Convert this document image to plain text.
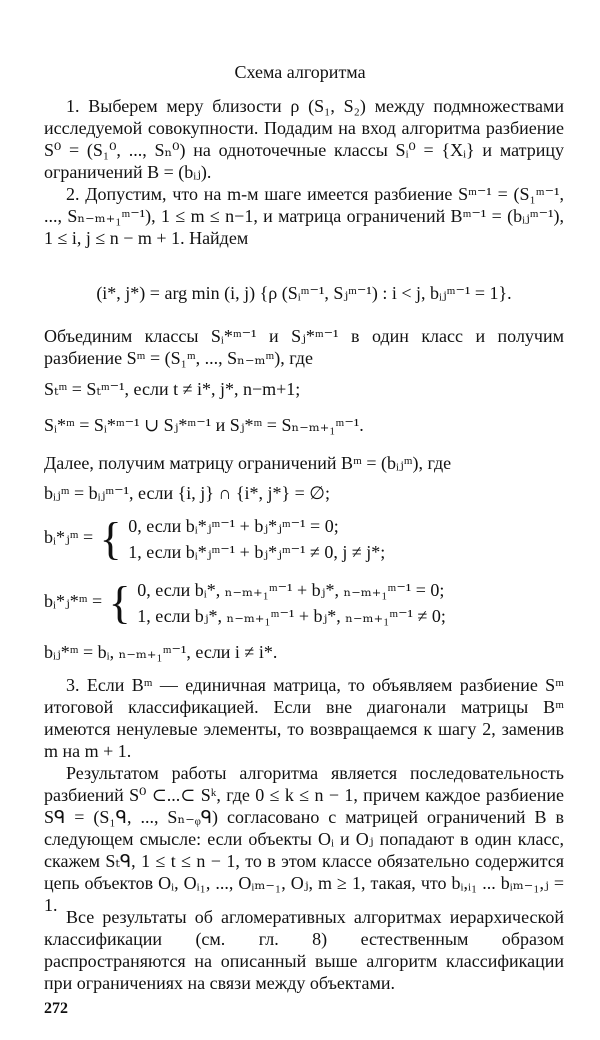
Схема алгоритма

1. Выберем меру близости ρ (S₁, S₂) между подмножествами исследуемой совокупности. Подадим на вход алгоритма разбиение S⁰ = (S₁⁰, ..., Sₙ⁰) на одноточечные классы Sᵢ⁰ = {Xᵢ} и матрицу ограничений B = (bᵢⱼ).

2. Допустим, что на m-м шаге имеется разбиение Sᵐ⁻¹ = (S₁ᵐ⁻¹, ..., Sₙ₋ₘ₊₁ᵐ⁻¹), 1 ≤ m ≤ n−1, и матрица ограничений Bᵐ⁻¹ = (bᵢⱼᵐ⁻¹), 1 ≤ i, j ≤ n − m + 1. Найдем

(i*, j*) = arg min (i, j) {ρ (Sᵢᵐ⁻¹, Sⱼᵐ⁻¹) : i < j, bᵢⱼᵐ⁻¹ = 1}.

Объединим классы Sᵢ*ᵐ⁻¹ и Sⱼ*ᵐ⁻¹ в один класс и получим разбиение Sᵐ = (S₁ᵐ, ..., Sₙ₋ₘᵐ), где

Sₜᵐ = Sₜᵐ⁻¹, если t ≠ i*, j*, n−m+1;
Sᵢ*ᵐ = Sᵢ*ᵐ⁻¹ ∪ Sⱼ*ᵐ⁻¹ и Sⱼ*ᵐ = Sₙ₋ₘ₊₁ᵐ⁻¹.

Далее, получим матрицу ограничений Bᵐ = (bᵢⱼᵐ), где

bᵢⱼᵐ = bᵢⱼᵐ⁻¹, если {i, j} ∩ {i*, j*} = ∅;
bᵢ*ⱼᵐ = { 0, если bᵢ*ⱼᵐ⁻¹ + bⱼ*ⱼᵐ⁻¹ = 0;
1, если bᵢ*ⱼᵐ⁻¹ + bⱼ*ⱼᵐ⁻¹ ≠ 0, j ≠ j*;
bᵢ*ⱼ*ᵐ = { 0, если bᵢ*, ₙ₋ₘ₊₁ᵐ⁻¹ + bⱼ*, ₙ₋ₘ₊₁ᵐ⁻¹ = 0;
1, если bⱼ*, ₙ₋ₘ₊₁ᵐ⁻¹ + bⱼ*, ₙ₋ₘ₊₁ᵐ⁻¹ ≠ 0;
bᵢⱼ*ᵐ = bᵢ, ₙ₋ₘ₊₁ᵐ⁻¹, если i ≠ i*.

3. Если Bᵐ — единичная матрица, то объявляем разбиение Sᵐ итоговой классификацией. Если вне диагонали матрицы Bᵐ имеются ненулевые элементы, то возвращаемся к шагу 2, заменив m на m + 1.

Результатом работы алгоритма является последовательность разбиений S⁰ ⊂...⊂ Sᵏ, где 0 ≤ k ≤ n − 1, причем каждое разбиение Sᑫ = (S₁ᑫ, ..., Sₙ₋ᵩᑫ) согласовано с матрицей ограничений B в следующем смысле: если объекты Oᵢ и Oⱼ попадают в один класс, скажем Sₜᑫ, 1 ≤ t ≤ n − 1, то в этом классе обязательно содержится цепь объектов Oᵢ, Oᵢ₁, ..., Oᵢₘ₋₁, Oⱼ, m ≥ 1, такая, что bᵢ,ᵢ₁ ... bᵢₘ₋₁,ⱼ = 1.

Все результаты об агломеративных алгоритмах иерархической классификации (см. гл. 8) естественным образом распространяются на описанный выше алгоритм классификации при ограничениях на связи между объектами.

272
